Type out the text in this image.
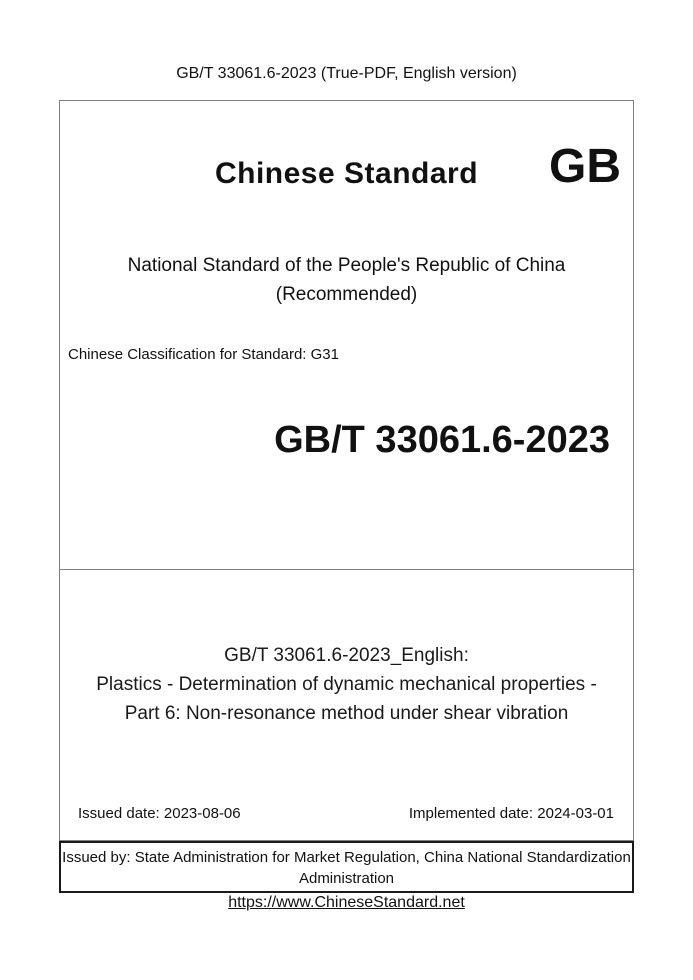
GB/T 33061.6-2023 (True-PDF, English version)
Chinese Standard	GB
National Standard of the People's Republic of China
(Recommended)
Chinese Classification for Standard: G31
GB/T 33061.6-2023
GB/T 33061.6-2023_English:
Plastics - Determination of dynamic mechanical properties -
Part 6: Non-resonance method under shear vibration
Issued date: 2023-08-06	Implemented date: 2024-03-01
Issued by: State Administration for Market Regulation, China National Standardization
Administration
https://www.ChineseStandard.net
